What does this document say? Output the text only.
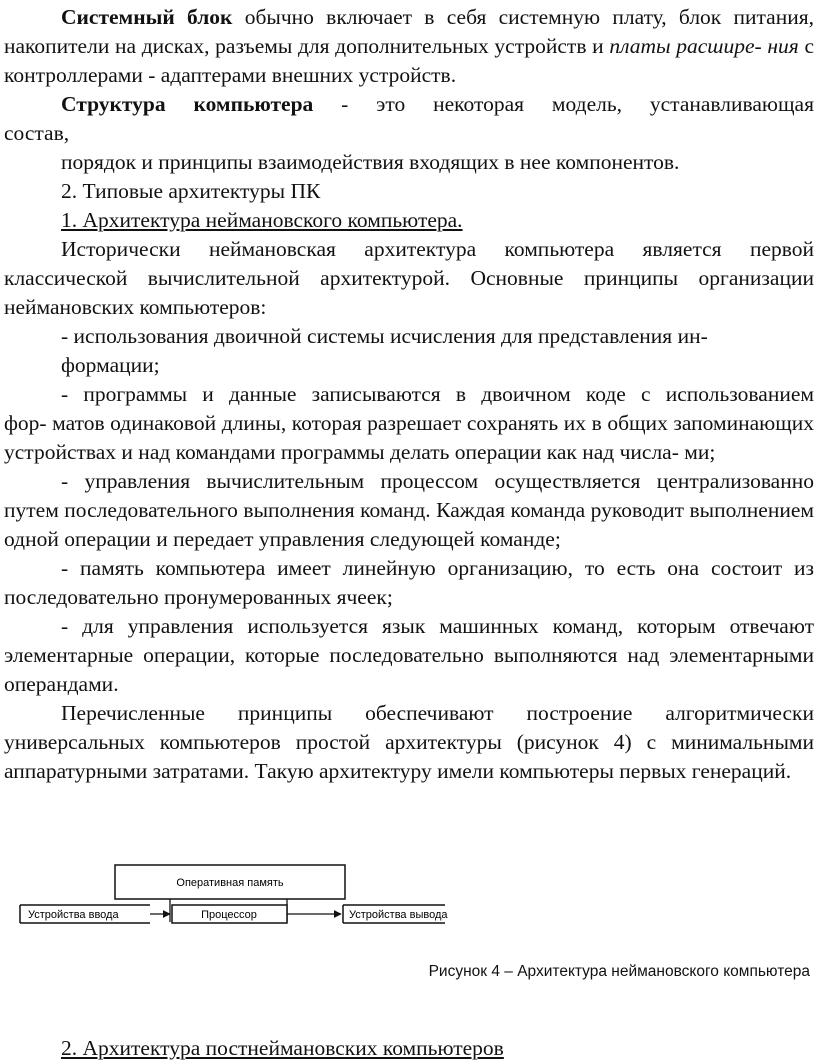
Системный блок обычно включает в себя системную плату, блок питания, накопители на дисках, разъемы для дополнительных устройств и платы расшире- ния с контроллерами - адаптерами внешних устройств.

Структура компьютера - это некоторая модель, устанавливающая

состав,

порядок и принципы взаимодействия входящих в нее компонентов.

2. Типовые архитектуры ПК

1. Архитектура неймановского компьютера.

Исторически неймановская архитектура компьютера является первой классической вычислительной архитектурой. Основные принципы организации неймановских компьютеров:

- использования двоичной системы исчисления для представления ин-
формации;

- программы и данные записываются в двоичном коде с использованием

фор- матов одинаковой длины, которая разрешает сохранять их в общих запоминающих устройствах и над командами программы делать операции как над числа- ми;

- управления вычислительным процессом осуществляется централизованно путем последовательного выполнения команд. Каждая команда руководит выполнением одной операции и передает управления следующей команде;

- память компьютера имеет линейную организацию, то есть она состоит из последовательно пронумерованных ячеек;

- для управления используется язык машинных команд, которым отвечают элементарные операции, которые последовательно выполняются над элементарными операндами.

Перечисленные принципы обеспечивают построение алгоритмически универсальных компьютеров простой архитектуры (рисунок 4) с минимальными аппаратурными затратами. Такую архитектуру имели компьютеры первых генераций.

Оперативная память
Устройства ввода	Процессор	Устройства вывода
Рисунок 4 – Архитектура неймановского компьютера
2. Архитектура постнеймановских компьютеров
